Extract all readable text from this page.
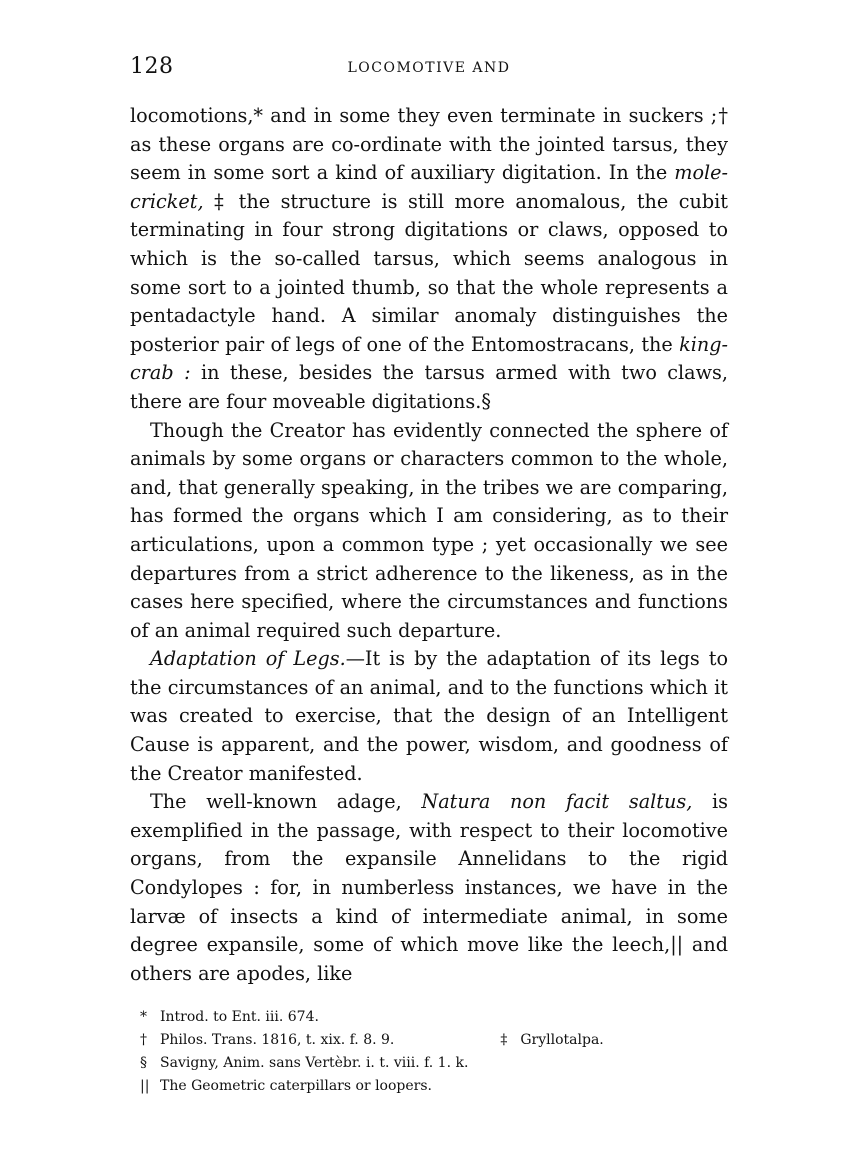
128	LOCOMOTIVE AND

locomotions,* and in some they even terminate in suckers ;† as these organs are co-ordinate with the jointed tarsus, they seem in some sort a kind of auxiliary digitation. In the mole-cricket, ‡ the structure is still more anomalous, the cubit terminating in four strong digitations or claws, opposed to which is the so-called tarsus, which seems analogous in some sort to a jointed thumb, so that the whole represents a pentadactyle hand. A similar anomaly distinguishes the posterior pair of legs of one of the Entomostracans, the king-crab : in these, besides the tarsus armed with two claws, there are four moveable digitations.§

Though the Creator has evidently connected the sphere of animals by some organs or characters common to the whole, and, that generally speaking, in the tribes we are comparing, has formed the organs which I am considering, as to their articulations, upon a common type ; yet occasionally we see departures from a strict adherence to the likeness, as in the cases here specified, where the circumstances and functions of an animal required such departure.

Adaptation of Legs.—It is by the adaptation of its legs to the circumstances of an animal, and to the functions which it was created to exercise, that the design of an Intelligent Cause is apparent, and the power, wisdom, and goodness of the Creator manifested.

The well-known adage, Natura non facit saltus, is exemplified in the passage, with respect to their locomotive organs, from the expansile Annelidans to the rigid Condylopes : for, in numberless instances, we have in the larvæ of insects a kind of intermediate animal, in some degree expansile, some of which move like the leech,|| and others are apodes, like

* Introd. to Ent. iii. 674.
† Philos. Trans. 1816, t. xix. f. 8. 9.	‡ Gryllotalpa.
§ Savigny, Anim. sans Vertèbr. i. t. viii. f. 1. k.
|| The Geometric caterpillars or loopers.
